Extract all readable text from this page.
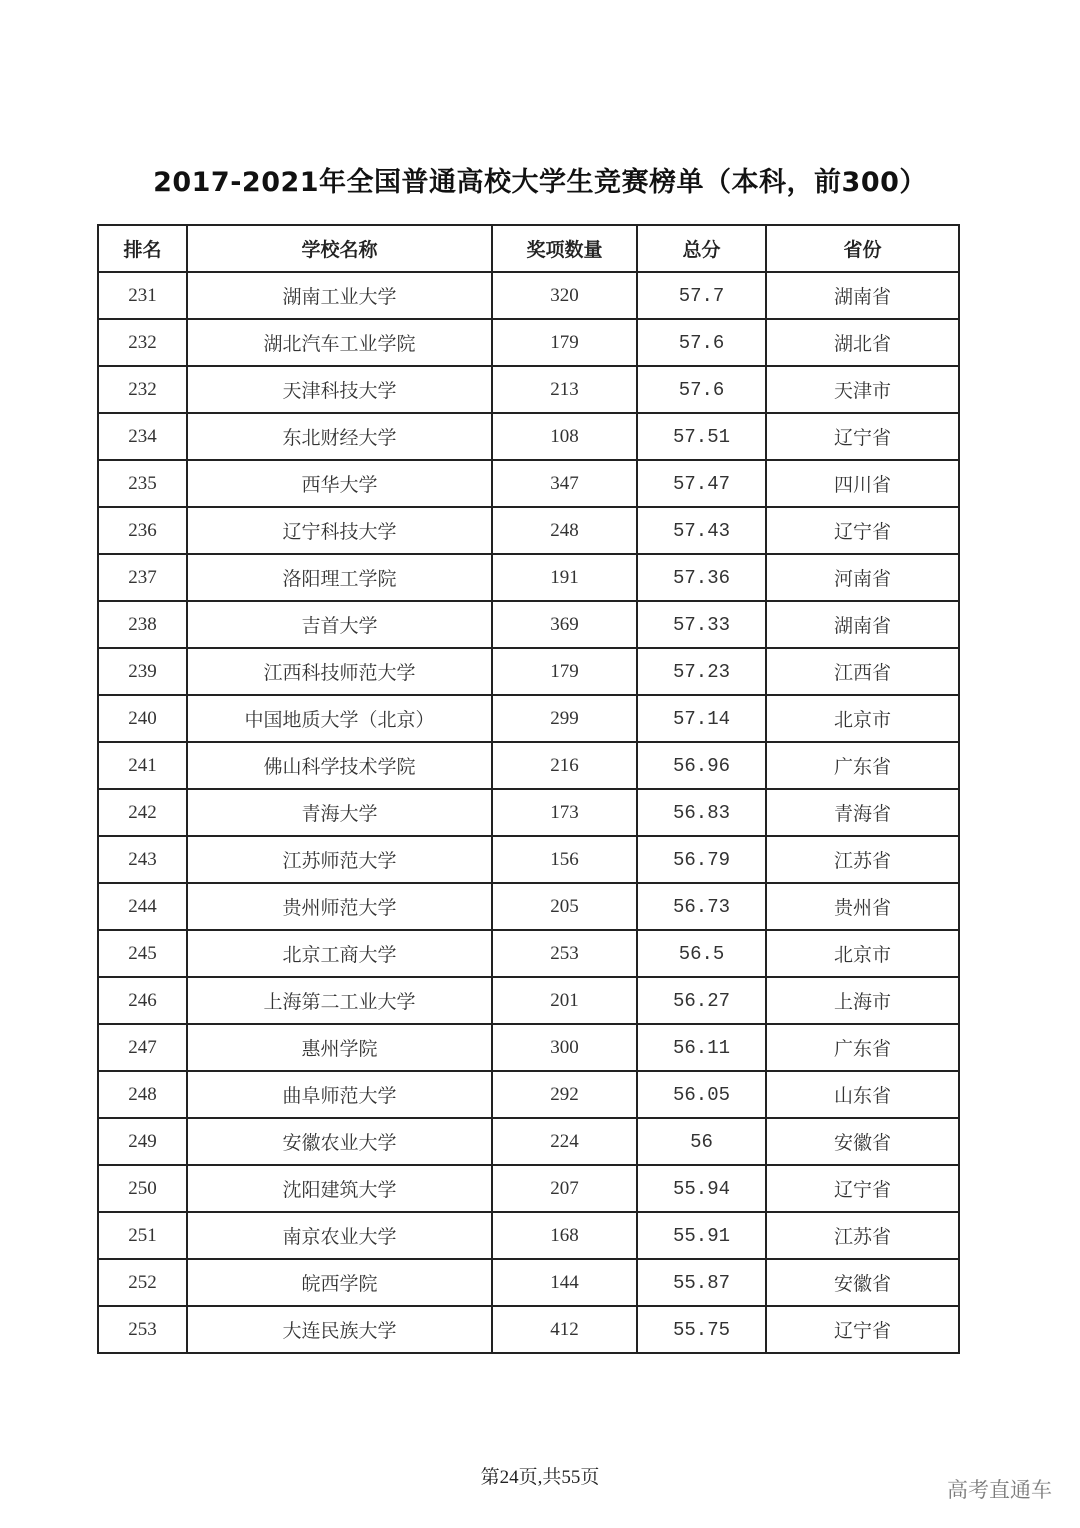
2017-2021年全国普通高校大学生竞赛榜单（本科，前300）
排名	学校名称	奖项数量	总分	省份
231	湖南工业大学	320	57.7	湖南省
232	湖北汽车工业学院	179	57.6	湖北省
232	天津科技大学	213	57.6	天津市
234	东北财经大学	108	57.51	辽宁省
235	西华大学	347	57.47	四川省
236	辽宁科技大学	248	57.43	辽宁省
237	洛阳理工学院	191	57.36	河南省
238	吉首大学	369	57.33	湖南省
239	江西科技师范大学	179	57.23	江西省
240	中国地质大学（北京）	299	57.14	北京市
241	佛山科学技术学院	216	56.96	广东省
242	青海大学	173	56.83	青海省
243	江苏师范大学	156	56.79	江苏省
244	贵州师范大学	205	56.73	贵州省
245	北京工商大学	253	56.5	北京市
246	上海第二工业大学	201	56.27	上海市
247	惠州学院	300	56.11	广东省
248	曲阜师范大学	292	56.05	山东省
249	安徽农业大学	224	56	安徽省
250	沈阳建筑大学	207	55.94	辽宁省
251	南京农业大学	168	55.91	江苏省
252	皖西学院	144	55.87	安徽省
253	大连民族大学	412	55.75	辽宁省
第24页,共55页
高考直通车
